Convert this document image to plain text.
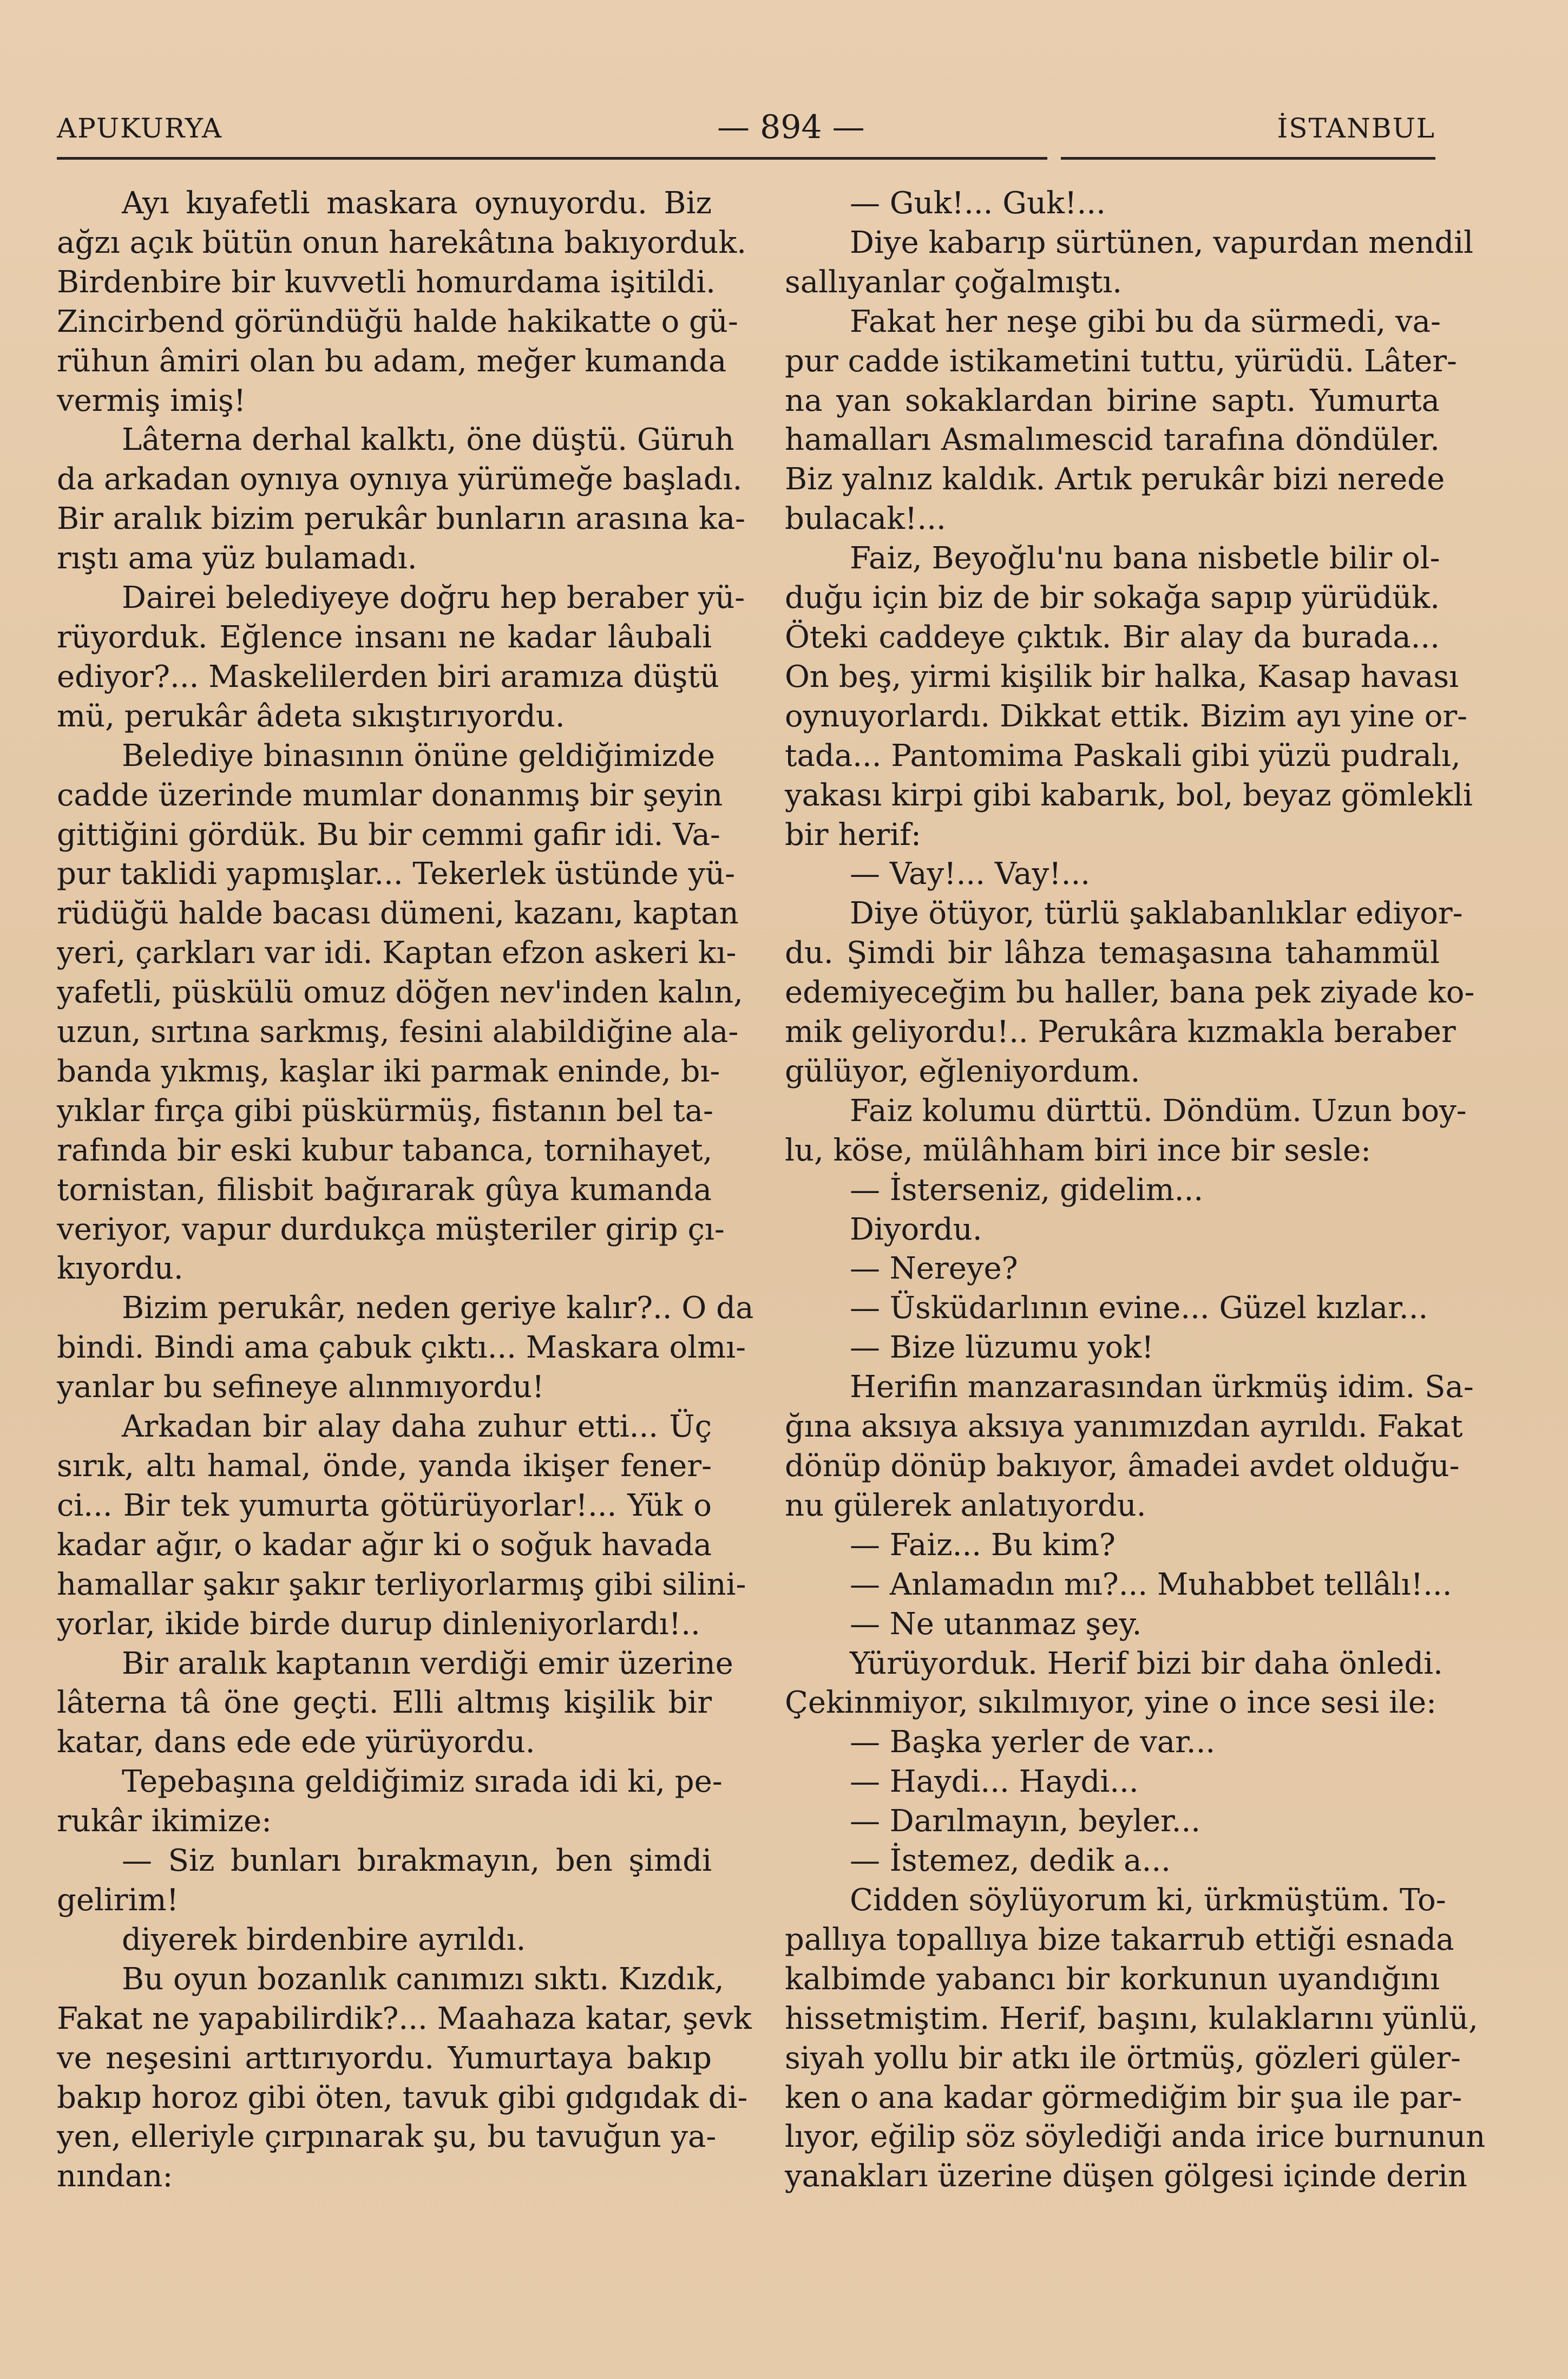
APUKURYA	— 894 —	İSTANBUL
Ayı kıyafetli maskara oynuyordu. Biz
ağzı açık bütün onun harekâtına bakıyorduk.
Birdenbire bir kuvvetli homurdama işitildi.
Zincirbend göründüğü halde hakikatte o gü-
rühun âmiri olan bu adam, meğer kumanda
vermiş imiş!
Lâterna derhal kalktı, öne düştü. Güruh
da arkadan oynıya oynıya yürümeğe başladı.
Bir aralık bizim perukâr bunların arasına ka-
rıştı ama yüz bulamadı.
Dairei belediyeye doğru hep beraber yü-
rüyorduk. Eğlence insanı ne kadar lâubali
ediyor?... Maskelilerden biri aramıza düştü
mü, perukâr âdeta sıkıştırıyordu.
Belediye binasının önüne geldiğimizde
cadde üzerinde mumlar donanmış bir şeyin
gittiğini gördük. Bu bir cemmi gafir idi. Va-
pur taklidi yapmışlar... Tekerlek üstünde yü-
rüdüğü halde bacası dümeni, kazanı, kaptan
yeri, çarkları var idi. Kaptan efzon askeri kı-
yafetli, püskülü omuz döğen nev'inden kalın,
uzun, sırtına sarkmış, fesini alabildiğine ala-
banda yıkmış, kaşlar iki parmak eninde, bı-
yıklar fırça gibi püskürmüş, fistanın bel ta-
rafında bir eski kubur tabanca, tornihayet,
tornistan, filisbit bağırarak gûya kumanda
veriyor, vapur durdukça müşteriler girip çı-
kıyordu.
Bizim perukâr, neden geriye kalır?.. O da
bindi. Bindi ama çabuk çıktı... Maskara olmı-
yanlar bu sefineye alınmıyordu!
Arkadan bir alay daha zuhur etti... Üç
sırık, altı hamal, önde, yanda ikişer fener-
ci... Bir tek yumurta götürüyorlar!... Yük o
kadar ağır, o kadar ağır ki o soğuk havada
hamallar şakır şakır terliyorlarmış gibi silini-
yorlar, ikide birde durup dinleniyorlardı!..
Bir aralık kaptanın verdiği emir üzerine
lâterna tâ öne geçti. Elli altmış kişilik bir
katar, dans ede ede yürüyordu.
Tepebaşına geldiğimiz sırada idi ki, pe-
rukâr ikimize:
— Siz bunları bırakmayın, ben şimdi
gelirim!
diyerek birdenbire ayrıldı.
Bu oyun bozanlık canımızı sıktı. Kızdık,
Fakat ne yapabilirdik?... Maahaza katar, şevk
ve neşesini arttırıyordu. Yumurtaya bakıp
bakıp horoz gibi öten, tavuk gibi gıdgıdak di-
yen, elleriyle çırpınarak şu, bu tavuğun ya-
nından:
— Guk!... Guk!...
Diye kabarıp sürtünen, vapurdan mendil
sallıyanlar çoğalmıştı.
Fakat her neşe gibi bu da sürmedi, va-
pur cadde istikametini tuttu, yürüdü. Lâter-
na yan sokaklardan birine saptı. Yumurta
hamalları Asmalımescid tarafına döndüler.
Biz yalnız kaldık. Artık perukâr bizi nerede
bulacak!...
Faiz, Beyoğlu'nu bana nisbetle bilir ol-
duğu için biz de bir sokağa sapıp yürüdük.
Öteki caddeye çıktık. Bir alay da burada...
On beş, yirmi kişilik bir halka, Kasap havası
oynuyorlardı. Dikkat ettik. Bizim ayı yine or-
tada... Pantomima Paskali gibi yüzü pudralı,
yakası kirpi gibi kabarık, bol, beyaz gömlekli
bir herif:
— Vay!... Vay!...
Diye ötüyor, türlü şaklabanlıklar ediyor-
du. Şimdi bir lâhza temaşasına tahammül
edemiyeceğim bu haller, bana pek ziyade ko-
mik geliyordu!.. Perukâra kızmakla beraber
gülüyor, eğleniyordum.
Faiz kolumu dürttü. Döndüm. Uzun boy-
lu, köse, mülâhham biri ince bir sesle:
— İsterseniz, gidelim...
Diyordu.
— Nereye?
— Üsküdarlının evine... Güzel kızlar...
— Bize lüzumu yok!
Herifin manzarasından ürkmüş idim. Sa-
ğına aksıya aksıya yanımızdan ayrıldı. Fakat
dönüp dönüp bakıyor, âmadei avdet olduğu-
nu gülerek anlatıyordu.
— Faiz... Bu kim?
— Anlamadın mı?... Muhabbet tellâlı!...
— Ne utanmaz şey.
Yürüyorduk. Herif bizi bir daha önledi.
Çekinmiyor, sıkılmıyor, yine o ince sesi ile:
— Başka yerler de var...
— Haydi... Haydi...
— Darılmayın, beyler...
— İstemez, dedik a...
Cidden söylüyorum ki, ürkmüştüm. To-
pallıya topallıya bize takarrub ettiği esnada
kalbimde yabancı bir korkunun uyandığını
hissetmiştim. Herif, başını, kulaklarını yünlü,
siyah yollu bir atkı ile örtmüş, gözleri güler-
ken o ana kadar görmediğim bir şua ile par-
lıyor, eğilip söz söylediği anda irice burnunun
yanakları üzerine düşen gölgesi içinde derin
